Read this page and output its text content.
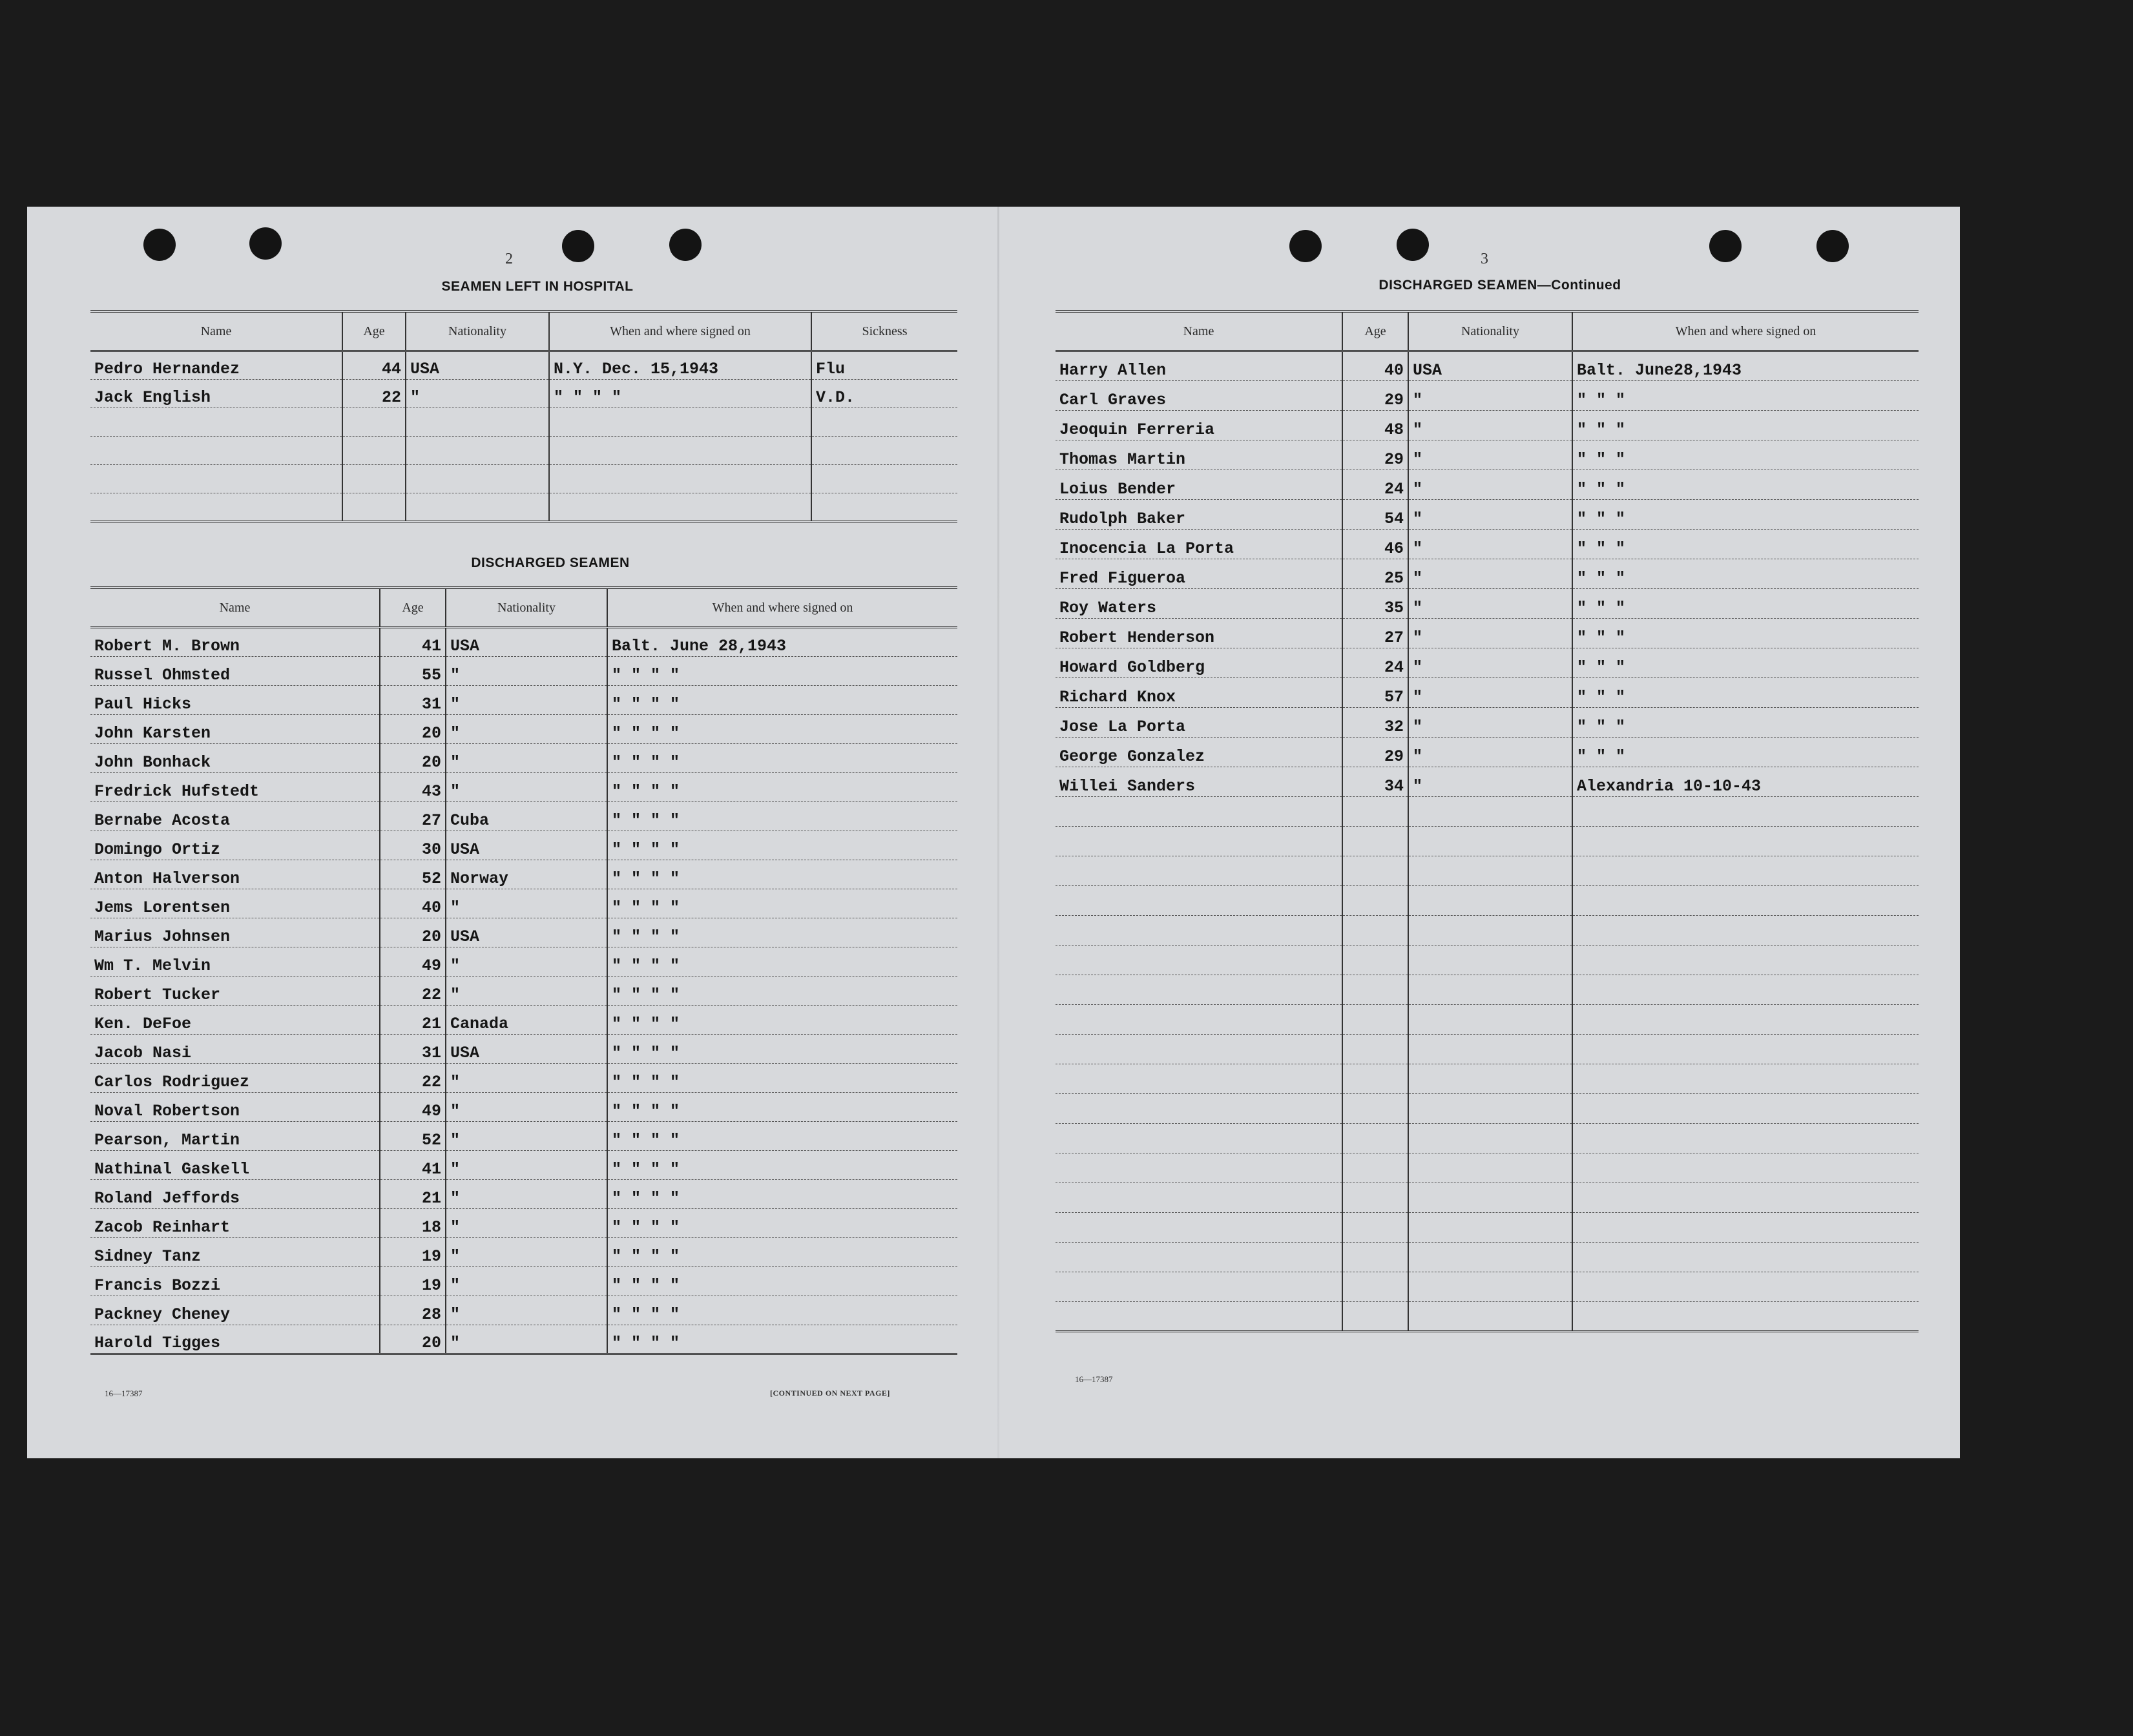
2
SEAMEN LEFT IN HOSPITAL
Name	Age	Nationality	When and where signed on	Sickness
Pedro Hernandez	44	USA	N.Y. Dec. 15,1943	Flu
Jack English	22	"	" " " "	V.D.

DISCHARGED SEAMEN
Name	Age	Nationality	When and where signed on
Robert M. Brown	41	USA	Balt. June 28,1943
Russel Ohmsted	55	"	" " " "
Paul Hicks	31	"	" " " "
John Karsten	20	"	" " " "
John Bonhack	20	"	" " " "
Fredrick Hufstedt	43	"	" " " "
Bernabe Acosta	27	Cuba	" " " "
Domingo Ortiz	30	USA	" " " "
Anton Halverson	52	Norway	" " " "
Jems Lorentsen	40	"	" " " "
Marius Johnsen	20	USA	" " " "
Wm T. Melvin	49	"	" " " "
Robert Tucker	22	"	" " " "
Ken. DeFoe	21	Canada	" " " "
Jacob Nasi	31	USA	" " " "
Carlos Rodriguez	22	"	" " " "
Noval Robertson	49	"	" " " "
Pearson, Martin	52	"	" " " "
Nathinal Gaskell	41	"	" " " "
Roland Jeffords	21	"	" " " "
Zacob Reinhart	18	"	" " " "
Sidney Tanz	19	"	" " " "
Francis Bozzi	19	"	" " " "
Packney Cheney	28	"	" " " "
Harold Tigges	20	"	" " " "
16—17387	[CONTINUED ON NEXT PAGE]
3
DISCHARGED SEAMEN—Continued
Name	Age	Nationality	When and where signed on
Harry Allen	40	USA	Balt. June28,1943
Carl Graves	29	"	" " "
Jeoquin Ferreria	48	"	" " "
Thomas Martin	29	"	" " "
Loius Bender	24	"	" " "
Rudolph Baker	54	"	" " "
Inocencia La Porta	46	"	" " "
Fred Figueroa	25	"	" " "
Roy Waters	35	"	" " "
Robert Henderson	27	"	" " "
Howard Goldberg	24	"	" " "
Richard Knox	57	"	" " "
Jose La Porta	32	"	" " "
George Gonzalez	29	"	" " "
Willei Sanders	34	"	Alexandria 10-10-43

16—17387
